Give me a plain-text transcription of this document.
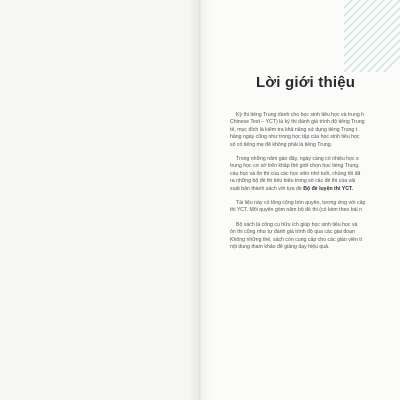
Lời giới thiệu
Kỳ thi tiếng Trung dành cho học sinh tiểu học và trung h
Chinese Test – YCT) là kỳ thi đánh giá trình độ tiếng Trung
tế, mục đích là kiểm tra khả năng sử dụng tiếng Trung t
hằng ngày cũng như trong học tập của học sinh tiểu học
số có tiếng mẹ đẻ không phải là tiếng Trung.
Trong những năm gần đây, ngày càng có nhiều học s
trung học cơ sở trên khắp thế giới chọn học tiếng Trung.
cầu học và ôn thi của các học viên nhỏ tuổi, chúng tôi đã
ra những bộ đề thi tiêu biểu trong số các đề thi của vài
xuất bản thành sách với tựa đề Bộ đề luyện thi YCT.
Tài liệu này có tổng cộng bốn quyển, tương ứng với cấp
thi YCT. Mỗi quyển gồm năm bộ đề thi (có kèm theo bài n
Bộ sách là công cụ hữu ích giúp học sinh tiểu học và
ôn thi cũng như tự đánh giá trình độ qua các giai đoạn
Không những thế, sách còn cung cấp cho các giáo viên ti
nội dung tham khảo để giảng dạy hiệu quả.
